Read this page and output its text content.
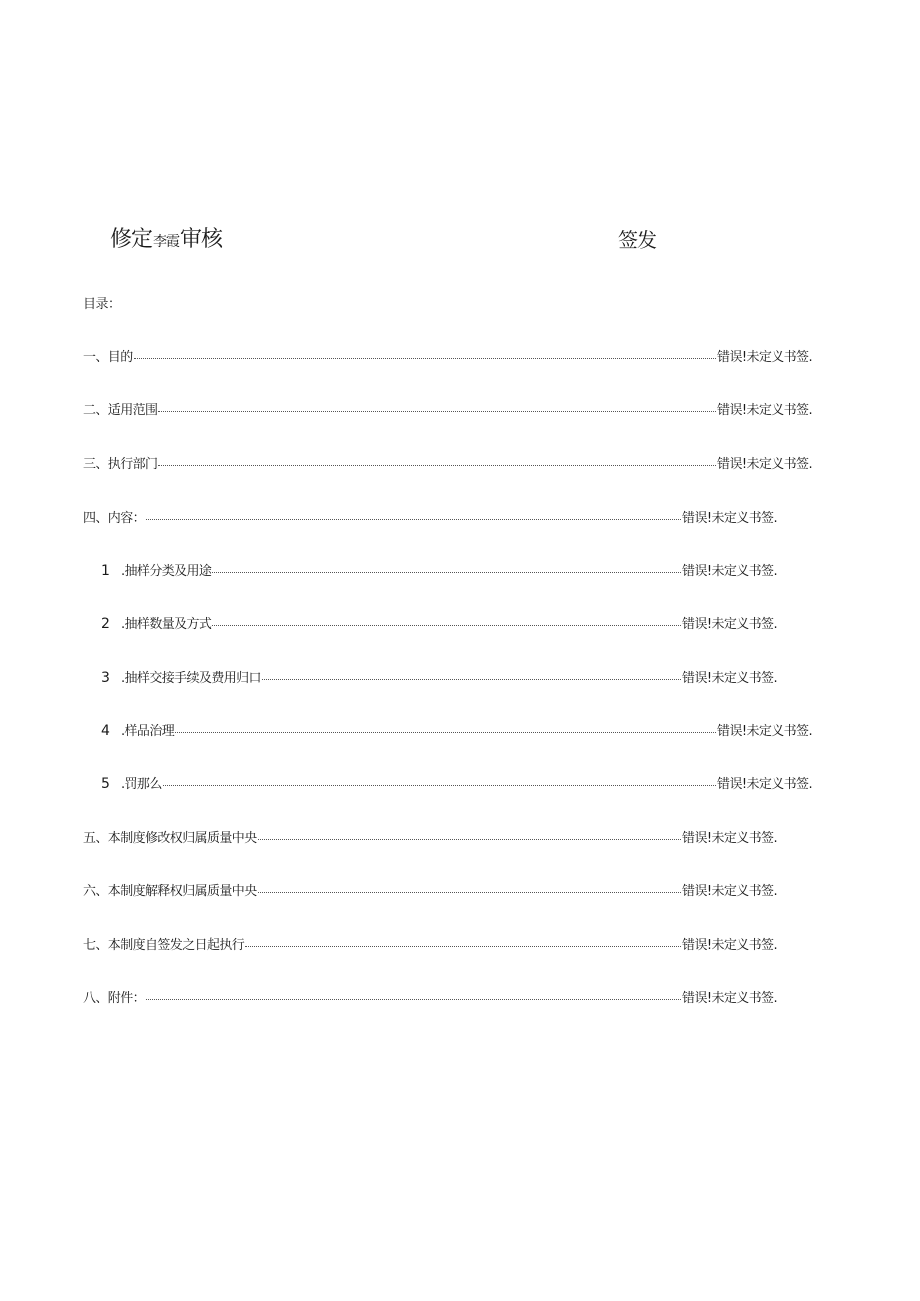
修定李霞审核	签发
目录：
一、目的	错误!未定义书签.
二、适用范围	错误!未定义书签.
三、执行部门	错误!未定义书签.
四、内容：	错误!未定义书签.
1 .抽样分类及用途	错误!未定义书签.
2 .抽样数量及方式	错误!未定义书签.
3 .抽样交接手续及费用归口	错误!未定义书签.
4 .样品治理	错误!未定义书签.
5 .罚那么	错误!未定义书签.
五、本制度修改权归属质量中央	错误!未定义书签.
六、本制度解释权归属质量中央	错误!未定义书签.
七、本制度自签发之日起执行	错误!未定义书签.
八、附件：	错误!未定义书签.
